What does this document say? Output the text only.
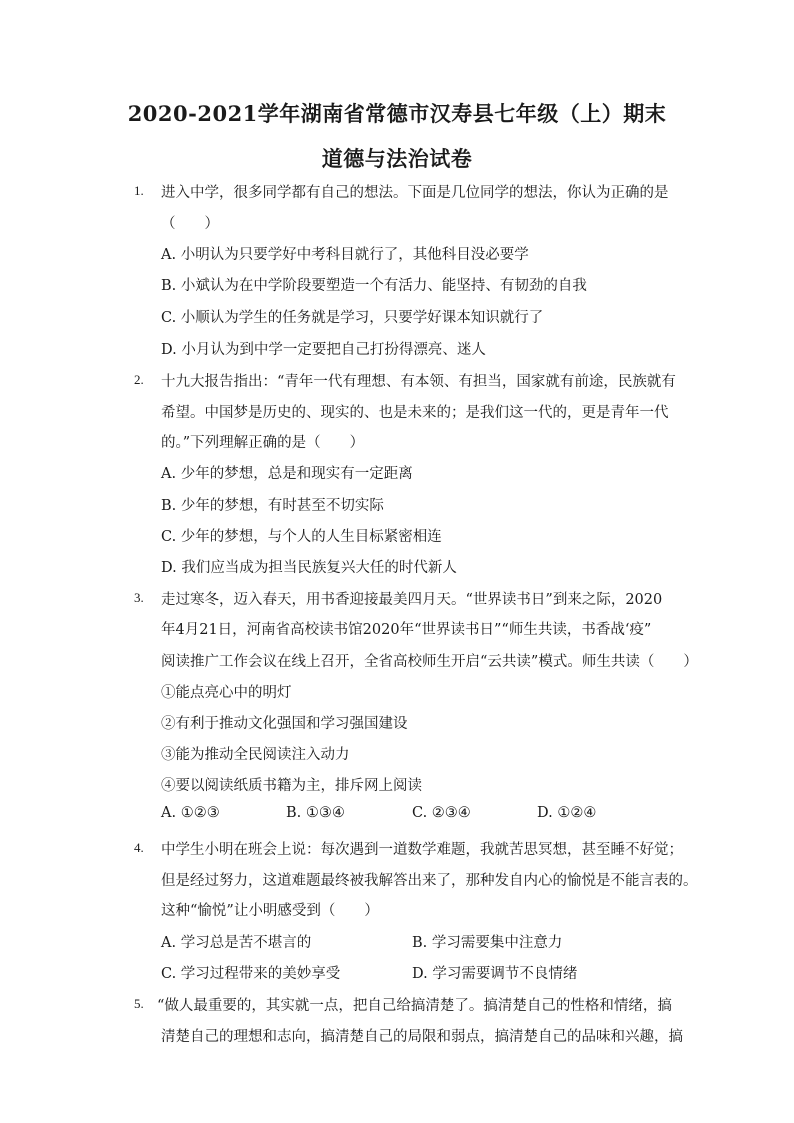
2020-2021学年湖南省常德市汉寿县七年级（上）期末
道德与法治试卷
1. 进入中学，很多同学都有自己的想法。下面是几位同学的想法，你认为正确的是
（　　）
A. 小明认为只要学好中考科目就行了，其他科目没必要学
B. 小斌认为在中学阶段要塑造一个有活力、能坚持、有韧劲的自我
C. 小顺认为学生的任务就是学习，只要学好课本知识就行了
D. 小月认为到中学一定要把自己打扮得漂亮、迷人
2. 十九大报告指出：“青年一代有理想、有本领、有担当，国家就有前途，民族就有
希望。中国梦是历史的、现实的、也是未来的；是我们这一代的，更是青年一代
的。”下列理解正确的是（　　）
A. 少年的梦想，总是和现实有一定距离
B. 少年的梦想，有时甚至不切实际
C. 少年的梦想，与个人的人生目标紧密相连
D. 我们应当成为担当民族复兴大任的时代新人
3. 走过寒冬，迈入春天，用书香迎接最美四月天。“世界读书日”到来之际，2020
年4月21日，河南省高校读书馆2020年“世界读书日”“师生共读，书香战‘疫”
阅读推广工作会议在线上召开，全省高校师生开启“云共读”模式。师生共读（　　）
①能点亮心中的明灯
②有利于推动文化强国和学习强国建设
③能为推动全民阅读注入动力
④要以阅读纸质书籍为主，排斥网上阅读
A. ①②③	B. ①③④	C. ②③④	D. ①②④
4. 中学生小明在班会上说：每次遇到一道数学难题，我就苦思冥想，甚至睡不好觉；
但是经过努力，这道难题最终被我解答出来了，那种发自内心的愉悦是不能言表的。
这种“愉悦”让小明感受到（　　）
A. 学习总是苦不堪言的	B. 学习需要集中注意力
C. 学习过程带来的美妙享受	D. 学习需要调节不良情绪
5. “做人最重要的，其实就一点，把自己给搞清楚了。搞清楚自己的性格和情绪，搞
清楚自己的理想和志向，搞清楚自己的局限和弱点，搞清楚自己的品味和兴趣，搞
